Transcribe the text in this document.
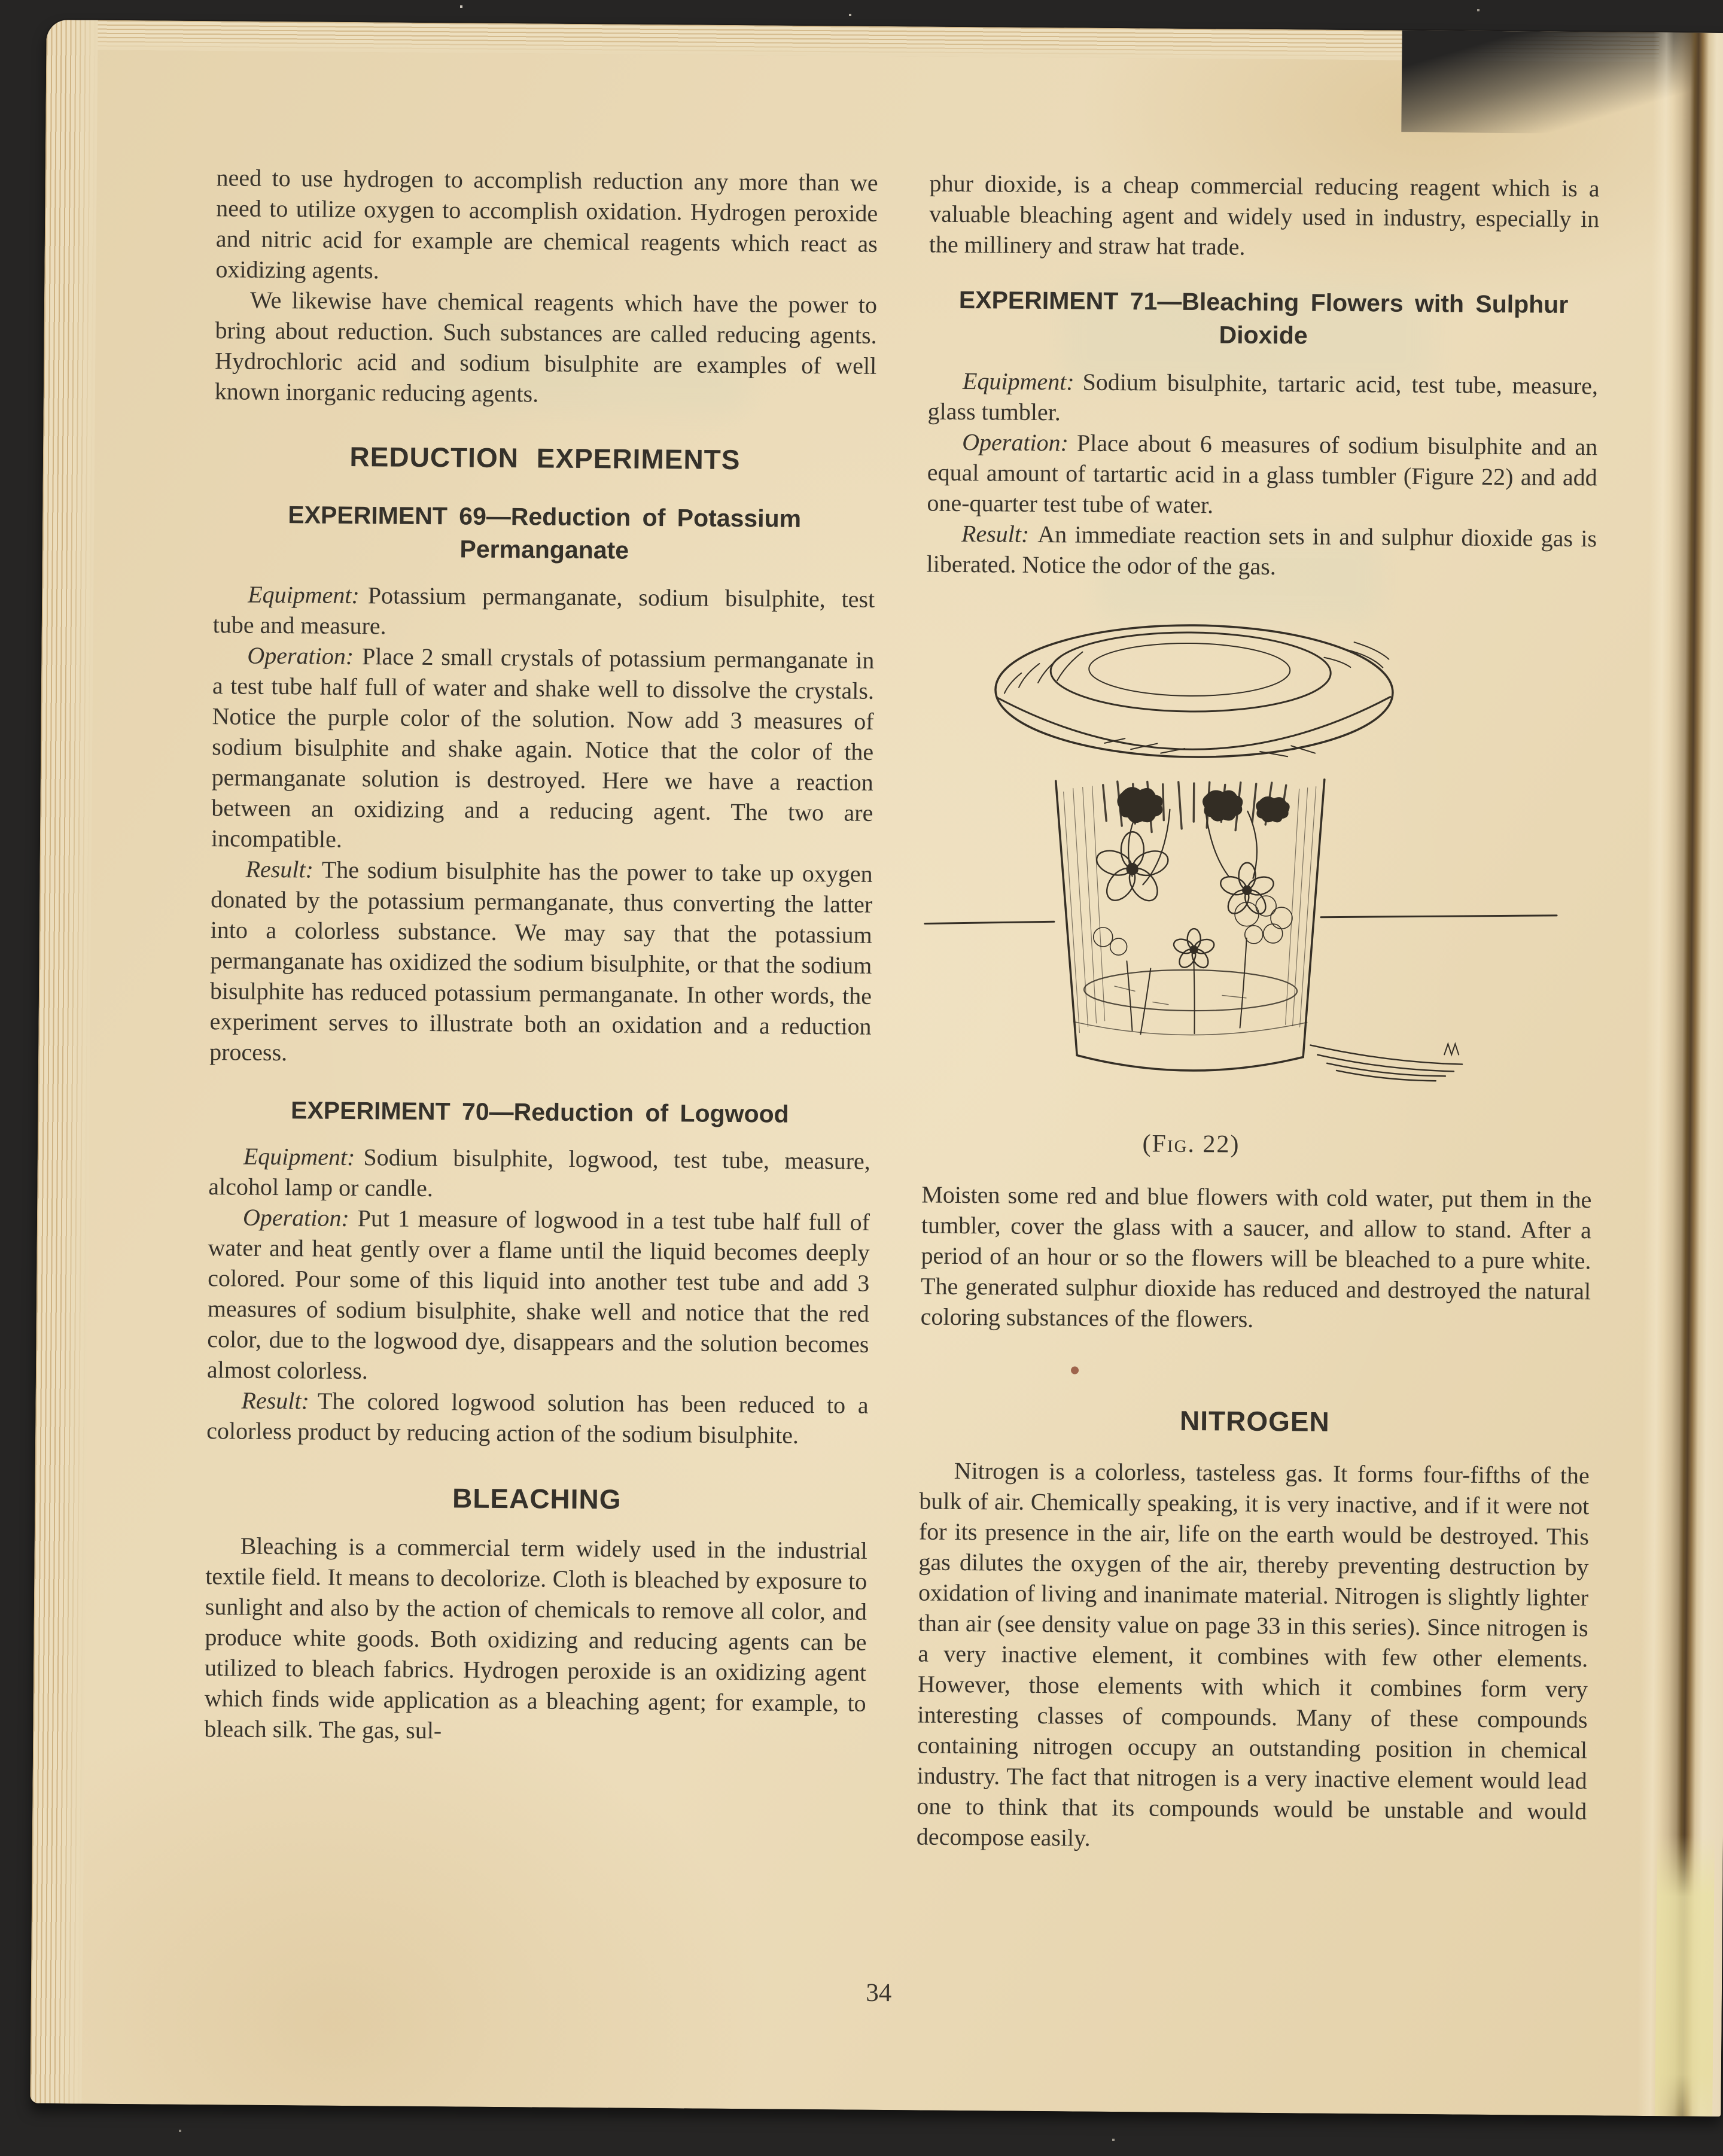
need to use hydrogen to accomplish reduction any more than we need to utilize oxygen to accomplish oxidation. Hydrogen peroxide and nitric acid for example are chemical reagents which react as oxidizing agents.

We likewise have chemical reagents which have the power to bring about reduction. Such substances are called reducing agents. Hydrochloric acid and sodium bisulphite are examples of well known inorganic reducing agents.

REDUCTION EXPERIMENTS
EXPERIMENT 69—Reduction of Potassium Permanganate

Equipment: Potassium permanganate, sodium bisulphite, test tube and measure.

Operation: Place 2 small crystals of potassium permanganate in a test tube half full of water and shake well to dissolve the crystals. Notice the purple color of the solution. Now add 3 measures of sodium bisulphite and shake again. Notice that the color of the permanganate solution is destroyed. Here we have a reaction between an oxidizing and a reducing agent. The two are incompatible.

Result: The sodium bisulphite has the power to take up oxygen donated by the potassium permanganate, thus converting the latter into a colorless substance. We may say that the potassium permanganate has oxidized the sodium bisulphite, or that the sodium bisulphite has reduced potassium permanganate. In other words, the experiment serves to illustrate both an oxidation and a reduction process.

EXPERIMENT 70—Reduction of Logwood

Equipment: Sodium bisulphite, logwood, test tube, measure, alcohol lamp or candle.

Operation: Put 1 measure of logwood in a test tube half full of water and heat gently over a flame until the liquid becomes deeply colored. Pour some of this liquid into another test tube and add 3 measures of sodium bisulphite, shake well and notice that the red color, due to the logwood dye, disappears and the solution becomes almost colorless.

Result: The colored logwood solution has been reduced to a colorless product by reducing action of the sodium bisulphite.

BLEACHING

Bleaching is a commercial term widely used in the industrial textile field. It means to decolorize. Cloth is bleached by exposure to sunlight and also by the action of chemicals to remove all color, and produce white goods. Both oxidizing and reducing agents can be utilized to bleach fabrics. Hydrogen peroxide is an oxidizing agent which finds wide application as a bleaching agent; for example, to bleach silk. The gas, sul-

phur dioxide, is a cheap commercial reducing reagent which is a valuable bleaching agent and widely used in industry, especially in the millinery and straw hat trade.

EXPERIMENT 71—Bleaching Flowers with Sulphur Dioxide

Equipment: Sodium bisulphite, tartaric acid, test tube, measure, glass tumbler.

Operation: Place about 6 measures of sodium bisulphite and an equal amount of tartartic acid in a glass tumbler (Figure 22) and add one-quarter test tube of water.

Result: An immediate reaction sets in and sulphur dioxide gas is liberated. Notice the odor of the gas.

(Fig. 22)

Moisten some red and blue flowers with cold water, put them in the tumbler, cover the glass with a saucer, and allow to stand. After a period of an hour or so the flowers will be bleached to a pure white. The generated sulphur dioxide has reduced and destroyed the natural coloring substances of the flowers.

NITROGEN

Nitrogen is a colorless, tasteless gas. It forms four-fifths of the bulk of air. Chemically speaking, it is very inactive, and if it were not for its presence in the air, life on the earth would be destroyed. This gas dilutes the oxygen of the air, thereby preventing destruction by oxidation of living and inanimate material. Nitrogen is slightly lighter than air (see density value on page 33 in this series). Since nitrogen is a very inactive element, it combines with few other elements. However, those elements with which it combines form very interesting classes of compounds. Many of these compounds containing nitrogen occupy an outstanding position in chemical industry. The fact that nitrogen is a very inactive element would lead one to think that its compounds would be unstable and would decompose easily.

34
